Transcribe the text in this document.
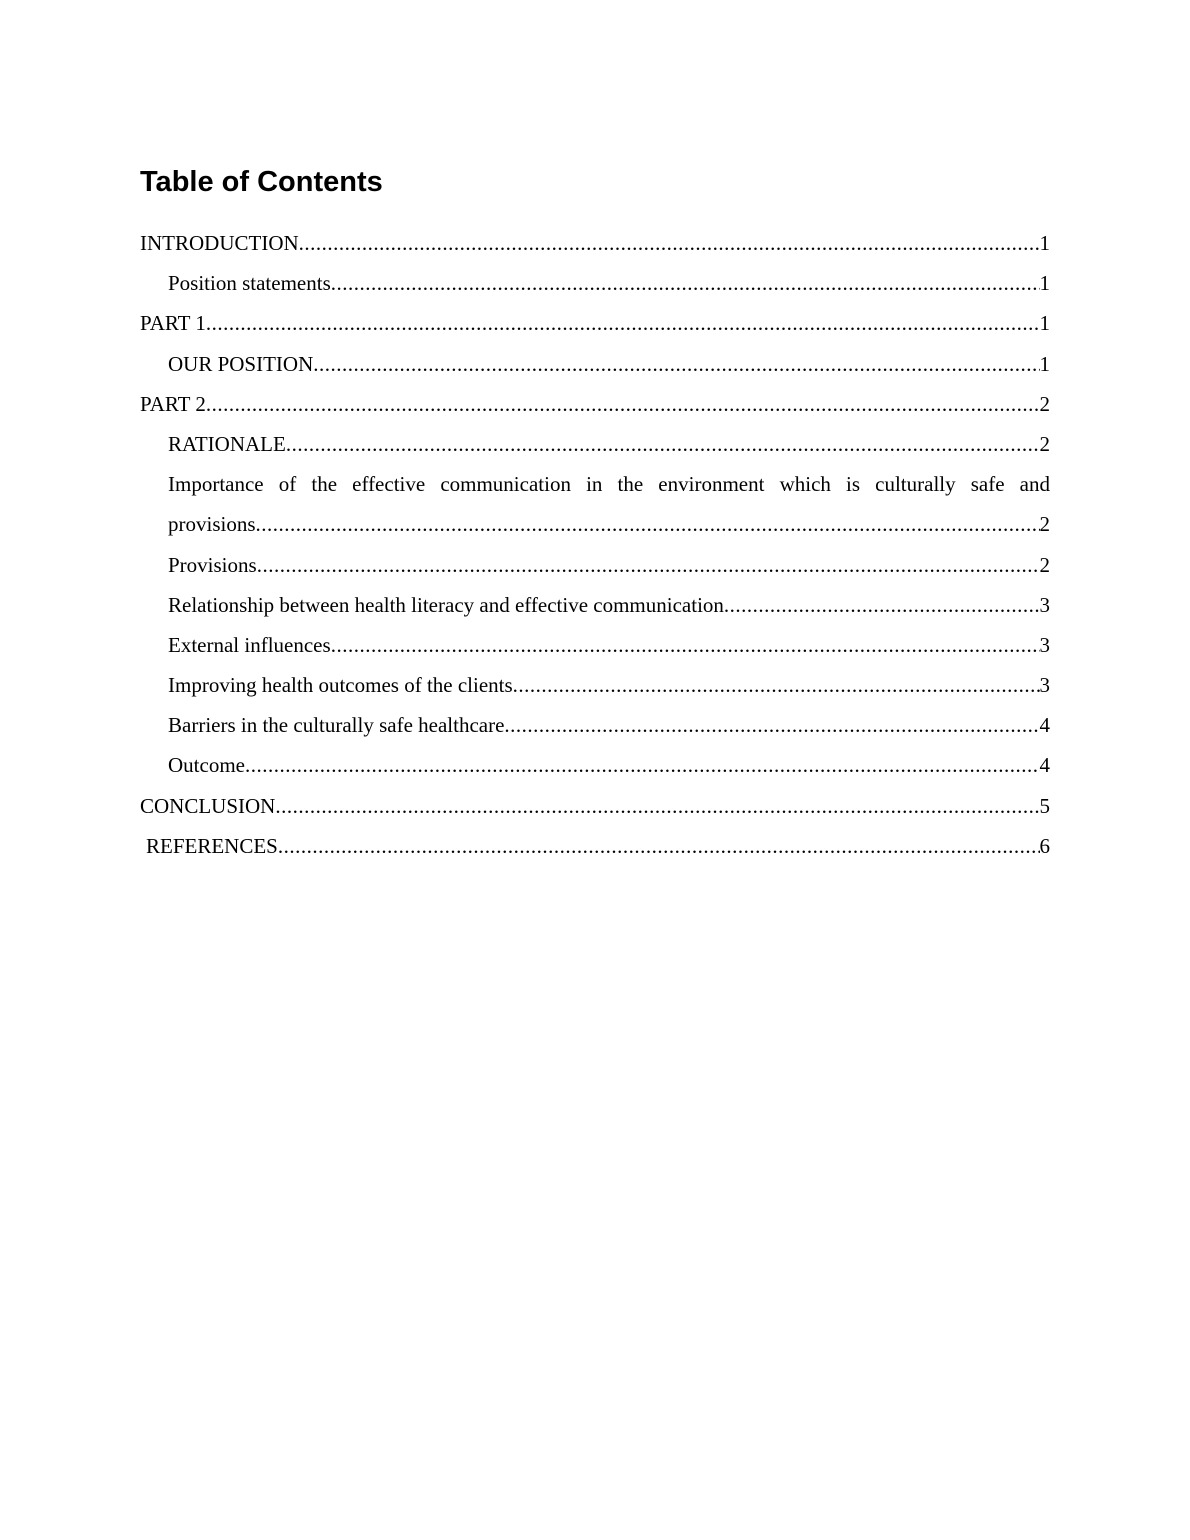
Table of Contents
INTRODUCTION .....	1
Position statements .....	1
PART 1 .....	1
OUR POSITION .....	1
PART 2 .....	2
RATIONALE .....	2
Importance of the effective communication in the environment which is culturally safe and
provisions .....	2
Provisions .....	2
Relationship between health literacy and effective communication .....	3
External influences .....	3
Improving health outcomes of the clients .....	3
Barriers in the culturally safe healthcare .....	4
Outcome .....	4
CONCLUSION .....	5
REFERENCES .....	6
